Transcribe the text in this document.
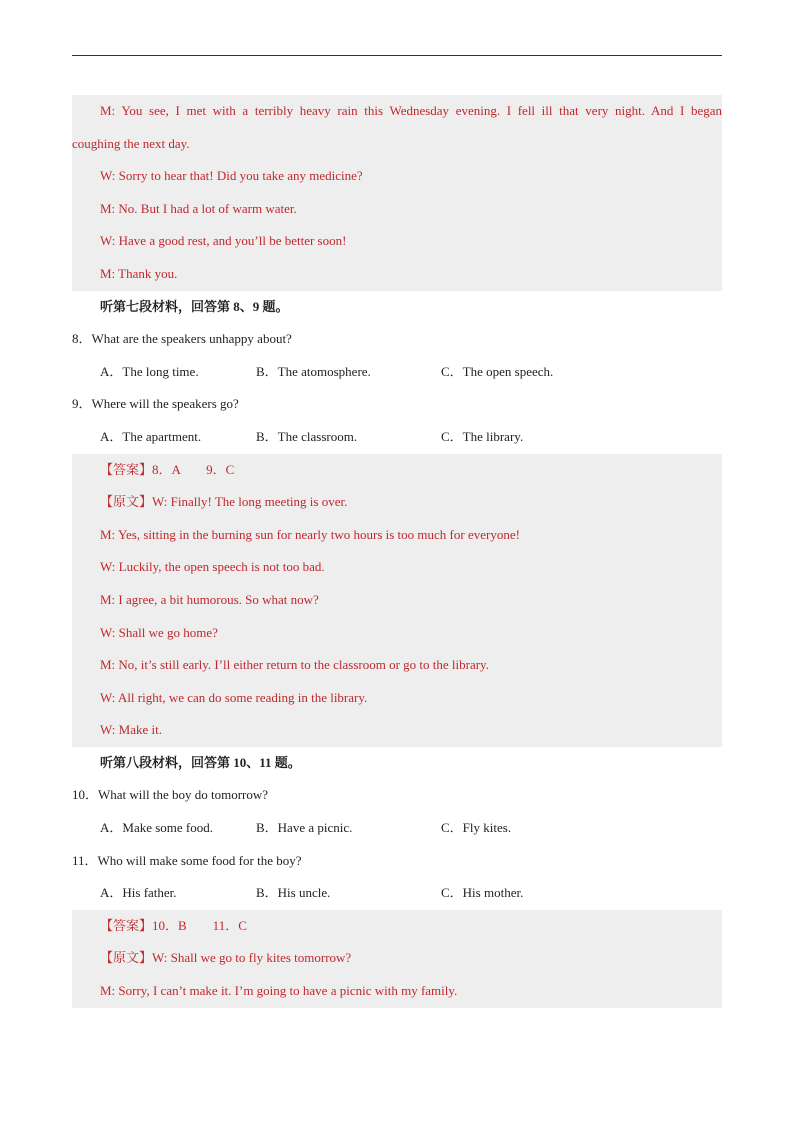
M: You see, I met with a terribly heavy rain this Wednesday evening. I fell ill that very night. And I began
coughing the next day.
W: Sorry to hear that! Did you take any medicine?
M: No. But I had a lot of warm water.
W: Have a good rest, and you’ll be better soon!
M: Thank you.
听第七段材料，回答第 8、9 题。
8．What are the speakers unhappy about?
A．The long time.	B．The atomosphere.	C．The open speech.
9．Where will the speakers go?
A．The apartment.	B．The classroom.	C．The library.
【答案】8．A　　9．C
【原文】W: Finally! The long meeting is over.
M: Yes, sitting in the burning sun for nearly two hours is too much for everyone!
W: Luckily, the open speech is not too bad.
M: I agree, a bit humorous. So what now?
W: Shall we go home?
M: No, it’s still early. I’ll either return to the classroom or go to the library.
W: All right, we can do some reading in the library.
W: Make it.
听第八段材料，回答第 10、11 题。
10．What will the boy do tomorrow?
A．Make some food.	B．Have a picnic.	C．Fly kites.
11．Who will make some food for the boy?
A．His father.	B．His uncle.	C．His mother.
【答案】10．B　　11．C
【原文】W: Shall we go to fly kites tomorrow?
M: Sorry, I can’t make it. I’m going to have a picnic with my family.
